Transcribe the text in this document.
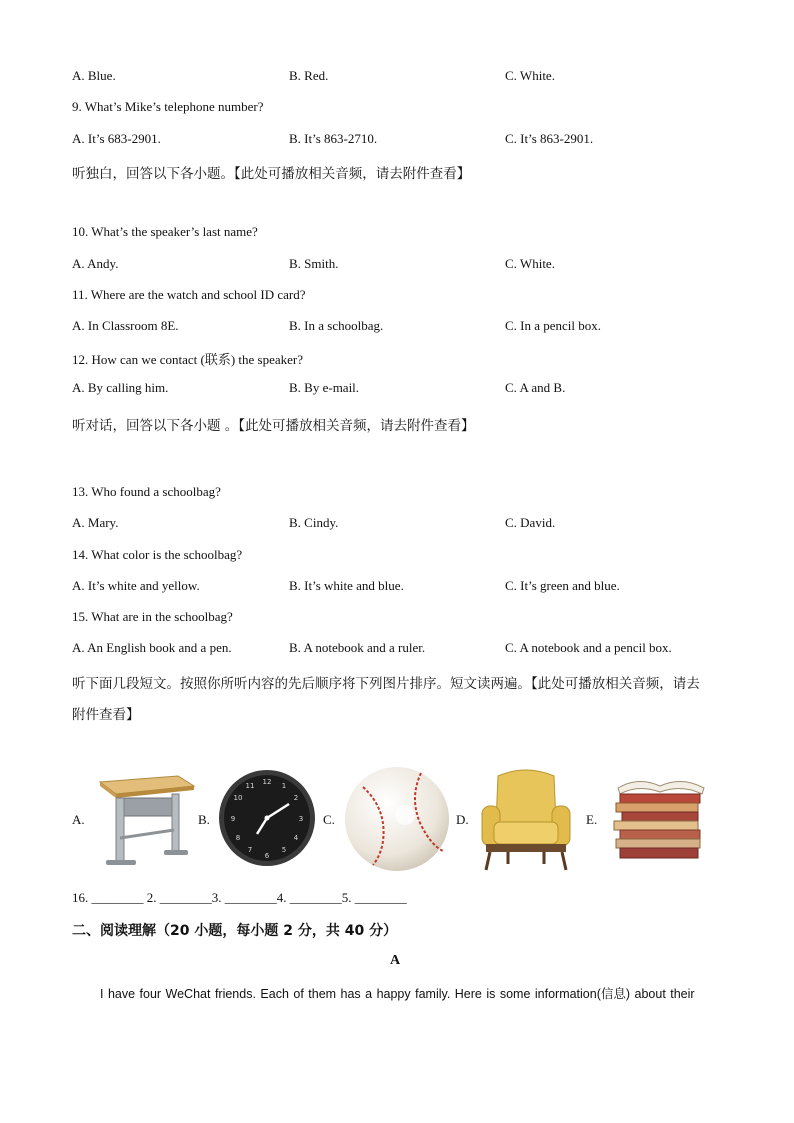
A. Blue.	B. Red.	C. White.
9. What’s Mike’s telephone number?
A. It’s 683-2901.	B. It’s 863-2710.	C. It’s 863-2901.
听独白，回答以下各小题。【此处可播放相关音频，请去附件查看】
10. What’s the speaker’s last name?
A. Andy.	B. Smith.	C. White.
11. Where are the watch and school ID card?
A. In Classroom 8E.	B. In a schoolbag.	C. In a pencil box.
12. How can we contact (联系) the speaker?
A. By calling him.	B. By e-mail.	C. A and B.
听对话，回答以下各小题 。【此处可播放相关音频，请去附件查看】
13. Who found a schoolbag?
A. Mary.	B. Cindy.	C. David.
14. What color is the schoolbag?
A. It’s white and yellow.	B. It’s white and blue.	C. It’s green and blue.
15. What are in the schoolbag?
A. An English book and a pen.	B. A notebook and a ruler.	C. A notebook and a pencil box.
听下面几段短文。按照你所听内容的先后顺序将下列图片排序。短文读两遍。【此处可播放相关音频，请去
附件查看】
A.	B.
12 1
2
3
4
5
6
7
8
9
10
11
C.	D.	E.
16. ________ 2. ________3. ________4. ________5. ________
二、阅读理解（20 小题，每小题 2 分，共 40 分）
A
I have four WeChat friends. Each of them has a happy family. Here is some information(信息) about their
